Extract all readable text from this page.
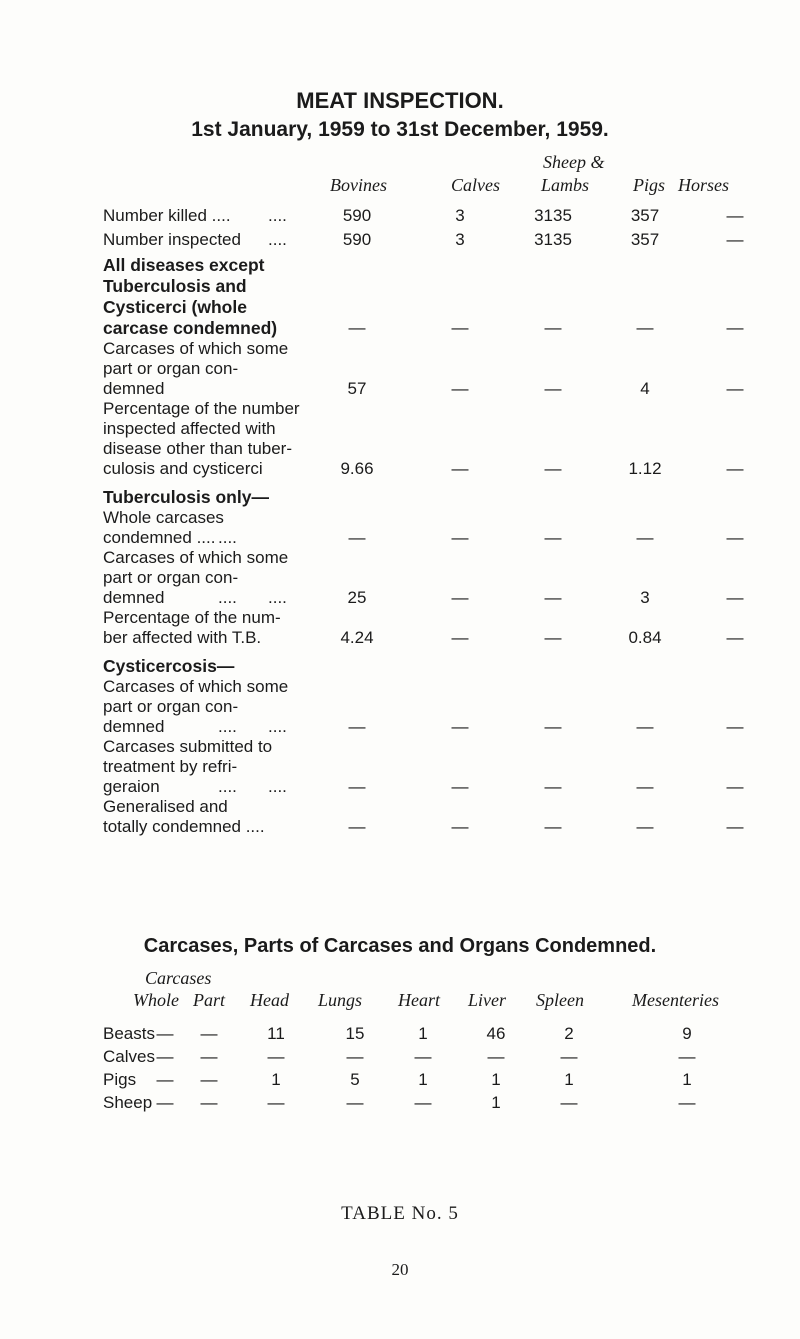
MEAT INSPECTION.
1st January, 1959 to 31st December, 1959.
Bovines	Calves
Sheep &
Lambs Pigs Horses
Number killed .... ....	590	3	3135	357	—
Number inspected ....	590	3	3135	357	—
All diseases except
Tuberculosis and
Cysticerci (whole
carcase condemned)	—	—	—	—	—
Carcases of which some
part or organ con-
demned	57	—	—	4	—
Percentage of the number
inspected affected with
disease other than tuber-
culosis and cysticerci	9.66	—	—	1.12	—
Tuberculosis only—
Whole carcases
condemned .... ....	—	—	—	—	—
Carcases of which some
part or organ con-
demned	.... ....	25	—	—	3	—
Percentage of the num-
ber affected with T.B.	4.24	—	—	0.84	—
Cysticercosis—
Carcases of which some
part or organ con-
demned	.... ....	—	—	—	—	—
Carcases submitted to
treatment by refri-
geraion	.... ....	—	—	—	—	—
Generalised and
totally condemned ....	—	—	—	—	—
Carcases, Parts of Carcases and Organs Condemned.
Carcases
Whole Part Head Lungs Heart Liver Spleen	Mesenteries
Beasts —	—	11	15	1	46	2	9
Calves —	—	—	—	—	—	—	—
Pigs	—	—	1	5	1	1	1	1
Sheep —	—	—	—	—	1	—	—
TABLE No. 5
20
